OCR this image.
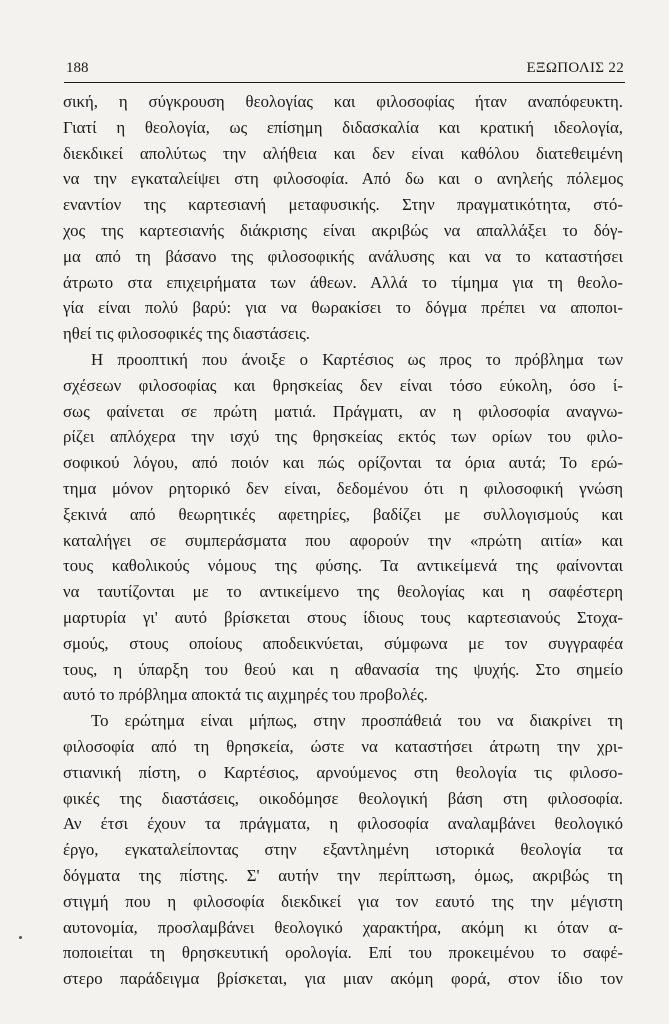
188	ΕΞΩΠΟΛΙΣ 22
σική, η σύγκρουση θεολογίας και φιλοσοφίας ήταν αναπόφευκτη.
Γιατί η θεολογία, ως επίσημη διδασκαλία και κρατική ιδεολογία,
διεκδικεί απολύτως την αλήθεια και δεν είναι καθόλου διατεθειμένη
να την εγκαταλείψει στη φιλοσοφία. Από δω και ο ανηλεής πόλεμος
εναντίον της καρτεσιανή μεταφυσικής. Στην πραγματικότητα, στό-
χος της καρτεσιανής διάκρισης είναι ακριβώς να απαλλάξει το δόγ-
μα από τη βάσανο της φιλοσοφικής ανάλυσης και να το καταστήσει
άτρωτο στα επιχειρήματα των άθεων. Αλλά το τίμημα για τη θεολο-
γία είναι πολύ βαρύ: για να θωρακίσει το δόγμα πρέπει να αποποι-
ηθεί τις φιλοσοφικές της διαστάσεις.
Η προοπτική που άνοιξε ο Καρτέσιος ως προς το πρόβλημα των
σχέσεων φιλοσοφίας και θρησκείας δεν είναι τόσο εύκολη, όσο ί-
σως φαίνεται σε πρώτη ματιά. Πράγματι, αν η φιλοσοφία αναγνω-
ρίζει απλόχερα την ισχύ της θρησκείας εκτός των ορίων του φιλο-
σοφικού λόγου, από ποιόν και πώς ορίζονται τα όρια αυτά; Το ερώ-
τημα μόνον ρητορικό δεν είναι, δεδομένου ότι η φιλοσοφική γνώση
ξεκινά από θεωρητικές αφετηρίες, βαδίζει με συλλογισμούς και
καταλήγει σε συμπεράσματα που αφορούν την «πρώτη αιτία» και
τους καθολικούς νόμους της φύσης. Τα αντικείμενά της φαίνονται
να ταυτίζονται με το αντικείμενο της θεολογίας και η σαφέστερη
μαρτυρία γι' αυτό βρίσκεται στους ίδιους τους καρτεσιανούς Στοχα-
σμούς, στους οποίους αποδεικνύεται, σύμφωνα με τον συγγραφέα
τους, η ύπαρξη του θεού και η αθανασία της ψυχής. Στο σημείο
αυτό το πρόβλημα αποκτά τις αιχμηρές του προβολές.
Το ερώτημα είναι μήπως, στην προσπάθειά του να διακρίνει τη
φιλοσοφία από τη θρησκεία, ώστε να καταστήσει άτρωτη την χρι-
στιανική πίστη, ο Καρτέσιος, αρνούμενος στη θεολογία τις φιλοσο-
φικές της διαστάσεις, οικοδόμησε θεολογική βάση στη φιλοσοφία.
Αν έτσι έχουν τα πράγματα, η φιλοσοφία αναλαμβάνει θεολογικό
έργο, εγκαταλείποντας στην εξαντλημένη ιστορικά θεολογία τα
δόγματα της πίστης. Σ' αυτήν την περίπτωση, όμως, ακριβώς τη
στιγμή που η φιλοσοφία διεκδικεί για τον εαυτό της την μέγιστη
αυτονομία, προσλαμβάνει θεολογικό χαρακτήρα, ακόμη κι όταν α-
ποποιείται τη θρησκευτική ορολογία. Επί του προκειμένου το σαφέ-
στερο παράδειγμα βρίσκεται, για μιαν ακόμη φορά, στον ίδιο τον
